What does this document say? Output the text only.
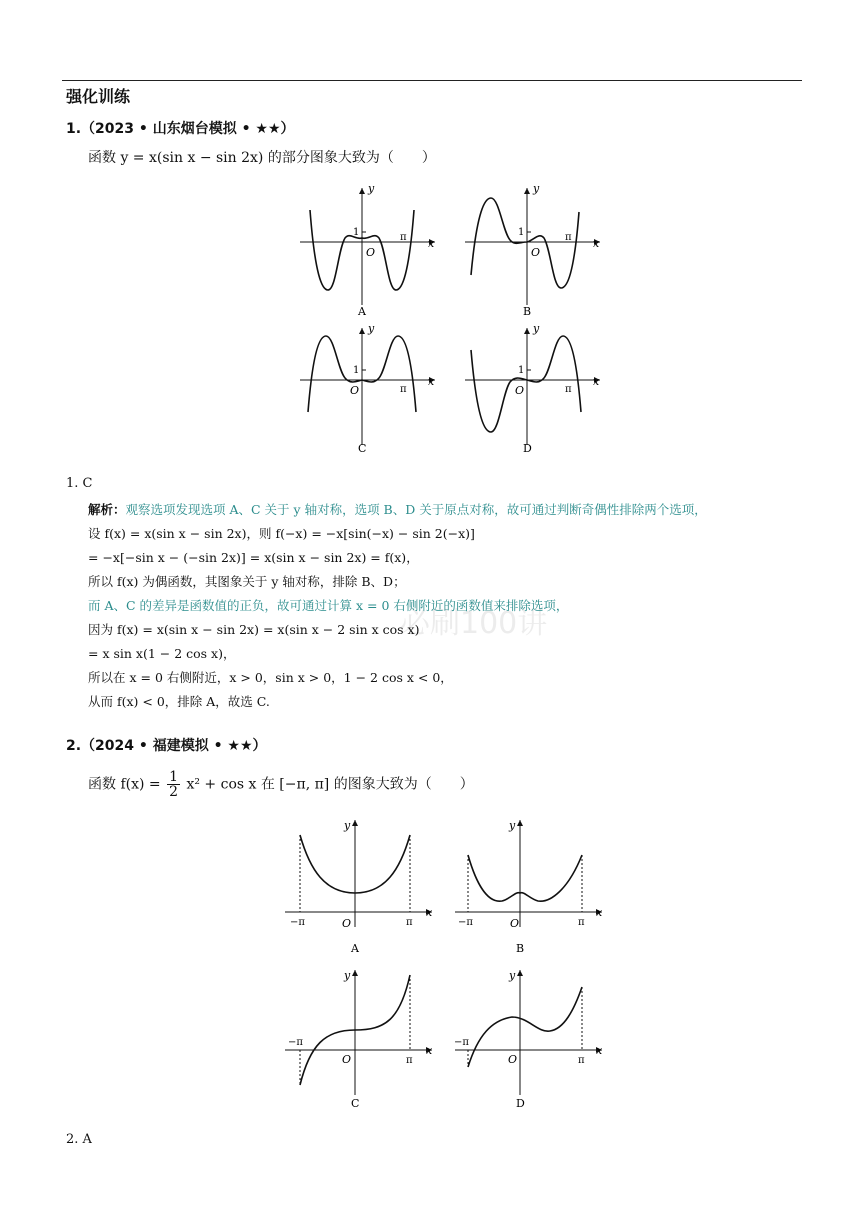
强化训练
1.（2023 • 山东烟台模拟 • ★★）
函数 y = x(sin x − sin 2x) 的部分图象大致为（　　）
1	π
O
x
y
A
1	π
O
x
y
B
1
π
O
x
y
C
1
π
O
x
y
D
1. C
必刷100讲
解析：观察选项发现选项 A、C 关于 y 轴对称，选项 B、D 关于原点对称，故可通过判断奇偶性排除两个选项，
设 f(x) = x(sin x − sin 2x)，则 f(−x) = −x[sin(−x) − sin 2(−x)]
= −x[−sin x − (−sin 2x)] = x(sin x − sin 2x) = f(x)，
所以 f(x) 为偶函数，其图象关于 y 轴对称，排除 B、D；
而 A、C 的差异是函数值的正负，故可通过计算 x = 0 右侧附近的函数值来排除选项，
因为 f(x) = x(sin x − sin 2x) = x(sin x − 2 sin x cos x)
= x sin x(1 − 2 cos x)，
所以在 x = 0 右侧附近，x > 0，sin x > 0，1 − 2 cos x < 0，
从而 f(x) < 0，排除 A，故选 C.
2.（2024 • 福建模拟 • ★★）
函数 $f(x) = \frac{1}{2} x^2 + \cos x$ 在 [−π, π] 的图象大致为（　　）
−π	π
O
x
y
A
−π	π
O
x
y
B
−π
π
O
x
y
C
−π
π
O
x
y
D
2. A
